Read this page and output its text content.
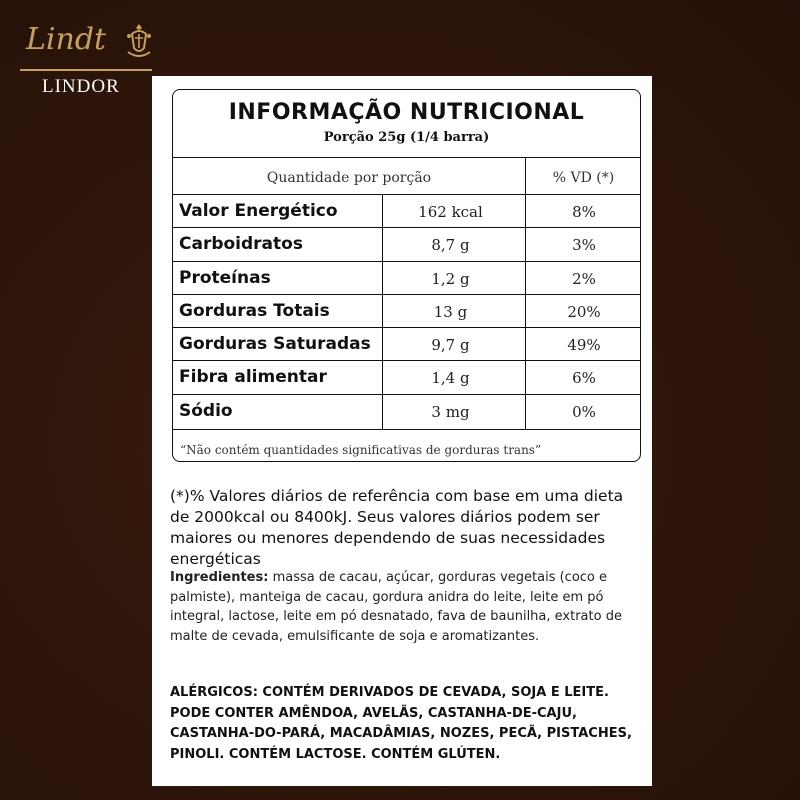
Lindt
LINDOR
INFORMAÇÃO NUTRICIONAL
Porção 25g (1/4 barra)
Quantidade por porção	% VD (*)
Valor Energético	162 kcal	8%
Carboidratos	8,7 g	3%
Proteínas	1,2 g	2%
Gorduras Totais	13 g	20%
Gorduras Saturadas	9,7 g	49%
Fibra alimentar	1,4 g	6%
Sódio	3 mg	0%
“Não contém quantidades significativas de gorduras trans”
(*)% Valores diários de referência com base em uma dieta de 2000kcal ou 8400kJ. Seus valores diários podem ser maiores ou menores dependendo de suas necessidades energéticas
Ingredientes: massa de cacau, açúcar, gorduras vegetais (coco e palmiste), manteiga de cacau, gordura anidra do leite, leite em pó integral, lactose, leite em pó desnatado, fava de baunilha, extrato de malte de cevada, emulsificante de soja e aromatizantes.
ALÉRGICOS: CONTÉM DERIVADOS DE CEVADA, SOJA E LEITE. PODE CONTER AMÊNDOA, AVELÃS, CASTANHA-DE-CAJU, CASTANHA-DO-PARÁ, MACADÂMIAS, NOZES, PECÃ, PISTACHES, PINOLI. CONTÉM LACTOSE. CONTÉM GLÚTEN.
